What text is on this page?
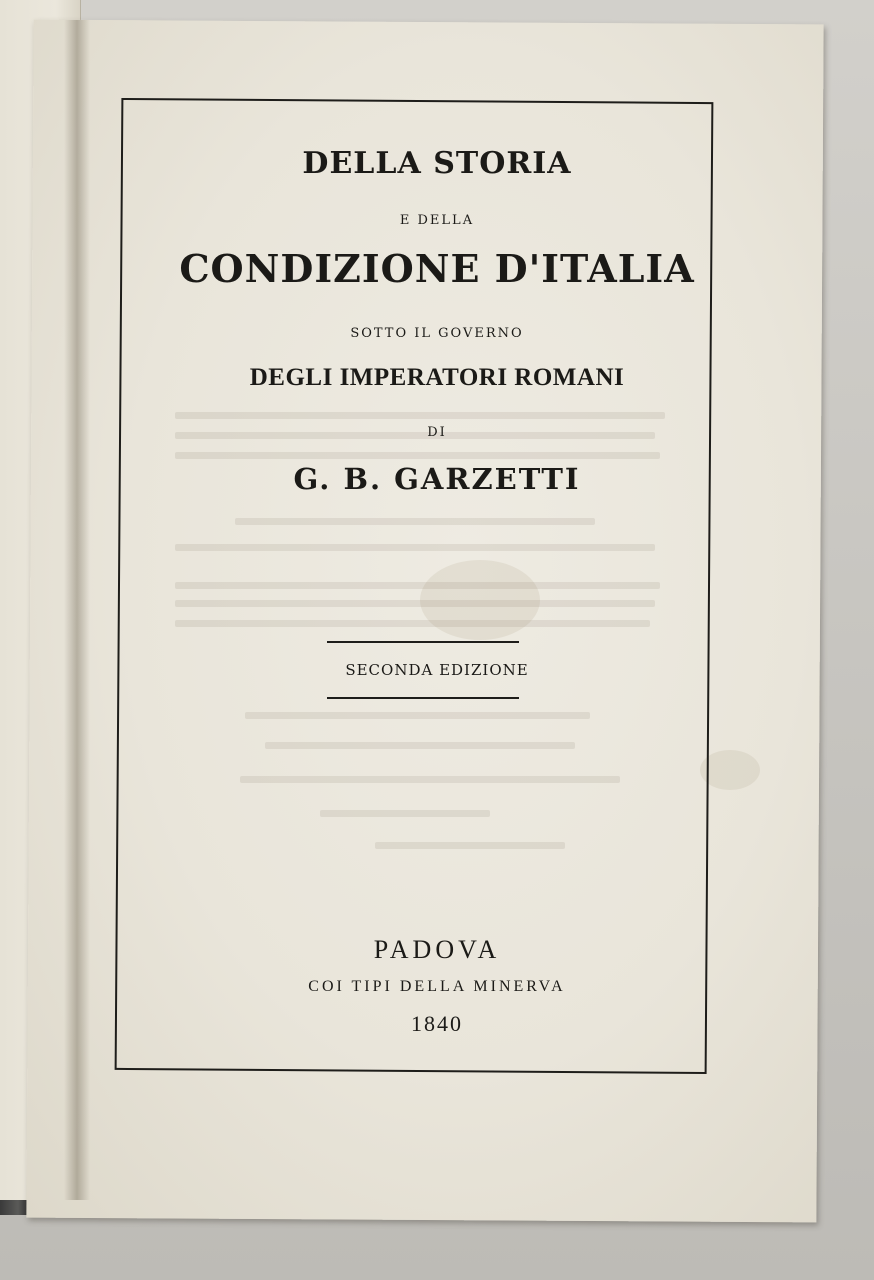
DELLA STORIA
E DELLA
CONDIZIONE D'ITALIA
SOTTO IL GOVERNO
DEGLI IMPERATORI ROMANI
DI
G. B. GARZETTI
SECONDA EDIZIONE
PADOVA
COI TIPI DELLA MINERVA
1840
